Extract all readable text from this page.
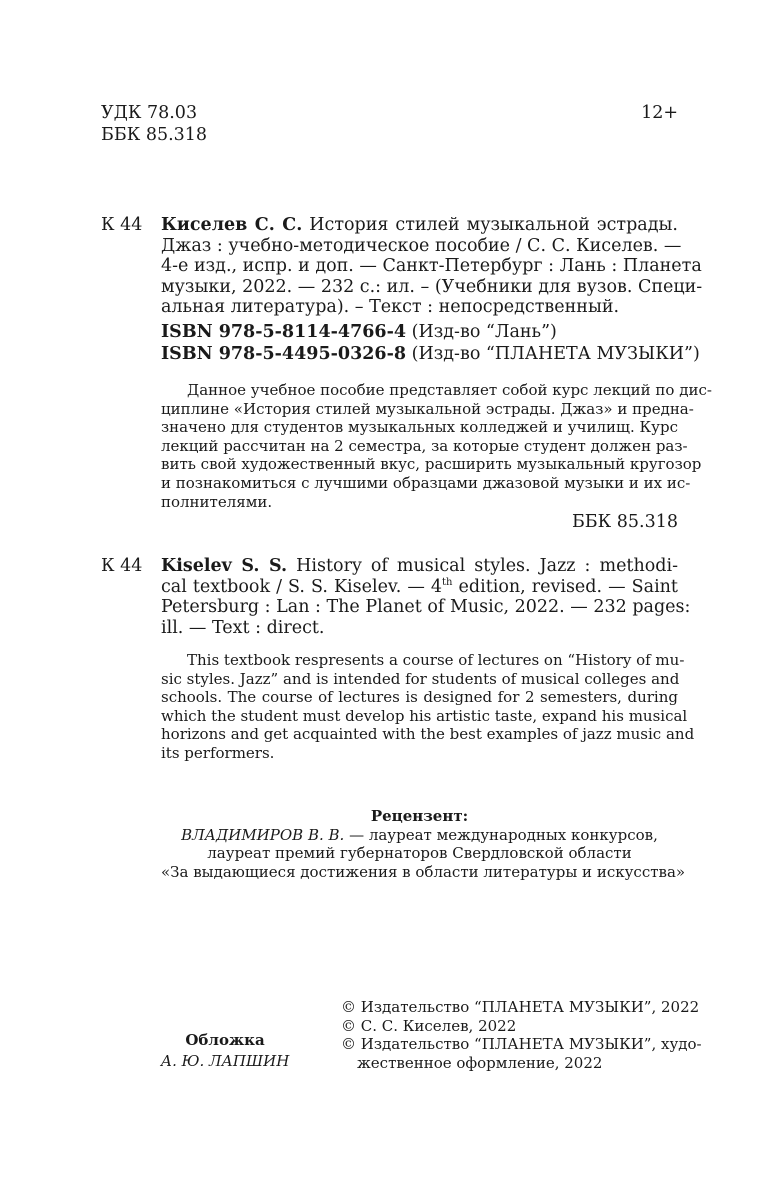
УДК 78.03
ББК 85.318
12+
К 44 Киселев С. С. История стилей музыкальной эстрады.
Джаз : учебно-методическое пособие / С. С. Киселев. —
4-е изд., испр. и доп. — Санкт-Петербург : Лань : Планета
музыки, 2022. — 232 с.: ил. – (Учебники для вузов. Специ-
альная литература). – Текст : непосредственный.
ISBN 978-5-8114-4766-4 (Изд-во “Лань”)
ISBN 978-5-4495-0326-8 (Изд-во “ПЛАНЕТА МУЗЫКИ”)
Данное учебное пособие представляет собой курс лекций по дис-
циплине «История стилей музыкальной эстрады. Джаз» и предна-
значено для студентов музыкальных колледжей и училищ. Курс
лекций рассчитан на 2 семестра, за которые студент должен раз-
вить свой художественный вкус, расширить музыкальный кругозор
и познакомиться с лучшими образцами джазовой музыки и их ис-
полнителями.
ББК 85.318
К 44 Kiselev S. S. History of musical styles. Jazz : methodi-
cal textbook / S. S. Kiselev. — 4th edition, revised. — Saint
Petersburg : Lan : The Planet of Music, 2022. — 232 pages:
ill. — Text : direct.
This textbook respresents a course of lectures on “History of mu-
sic styles. Jazz” and is intended for students of musical colleges and
schools. The course of lectures is designed for 2 semesters, during
which the student must develop his artistic taste, expand his musical
horizons and get acquainted with the best examples of jazz music and
its performers.
Рецензент:
ВЛАДИМИРОВ В. В. — лауреат международных конкурсов,
лауреат премий губернаторов Свердловской области
«За выдающиеся достижения в области литературы и искусства»
Обложка
А. Ю. ЛАПШИН
© Издательство “ПЛАНЕТА МУЗЫКИ”, 2022
© С. С. Киселев, 2022
© Издательство “ПЛАНЕТА МУЗЫКИ”, худо-
жественное оформление, 2022
